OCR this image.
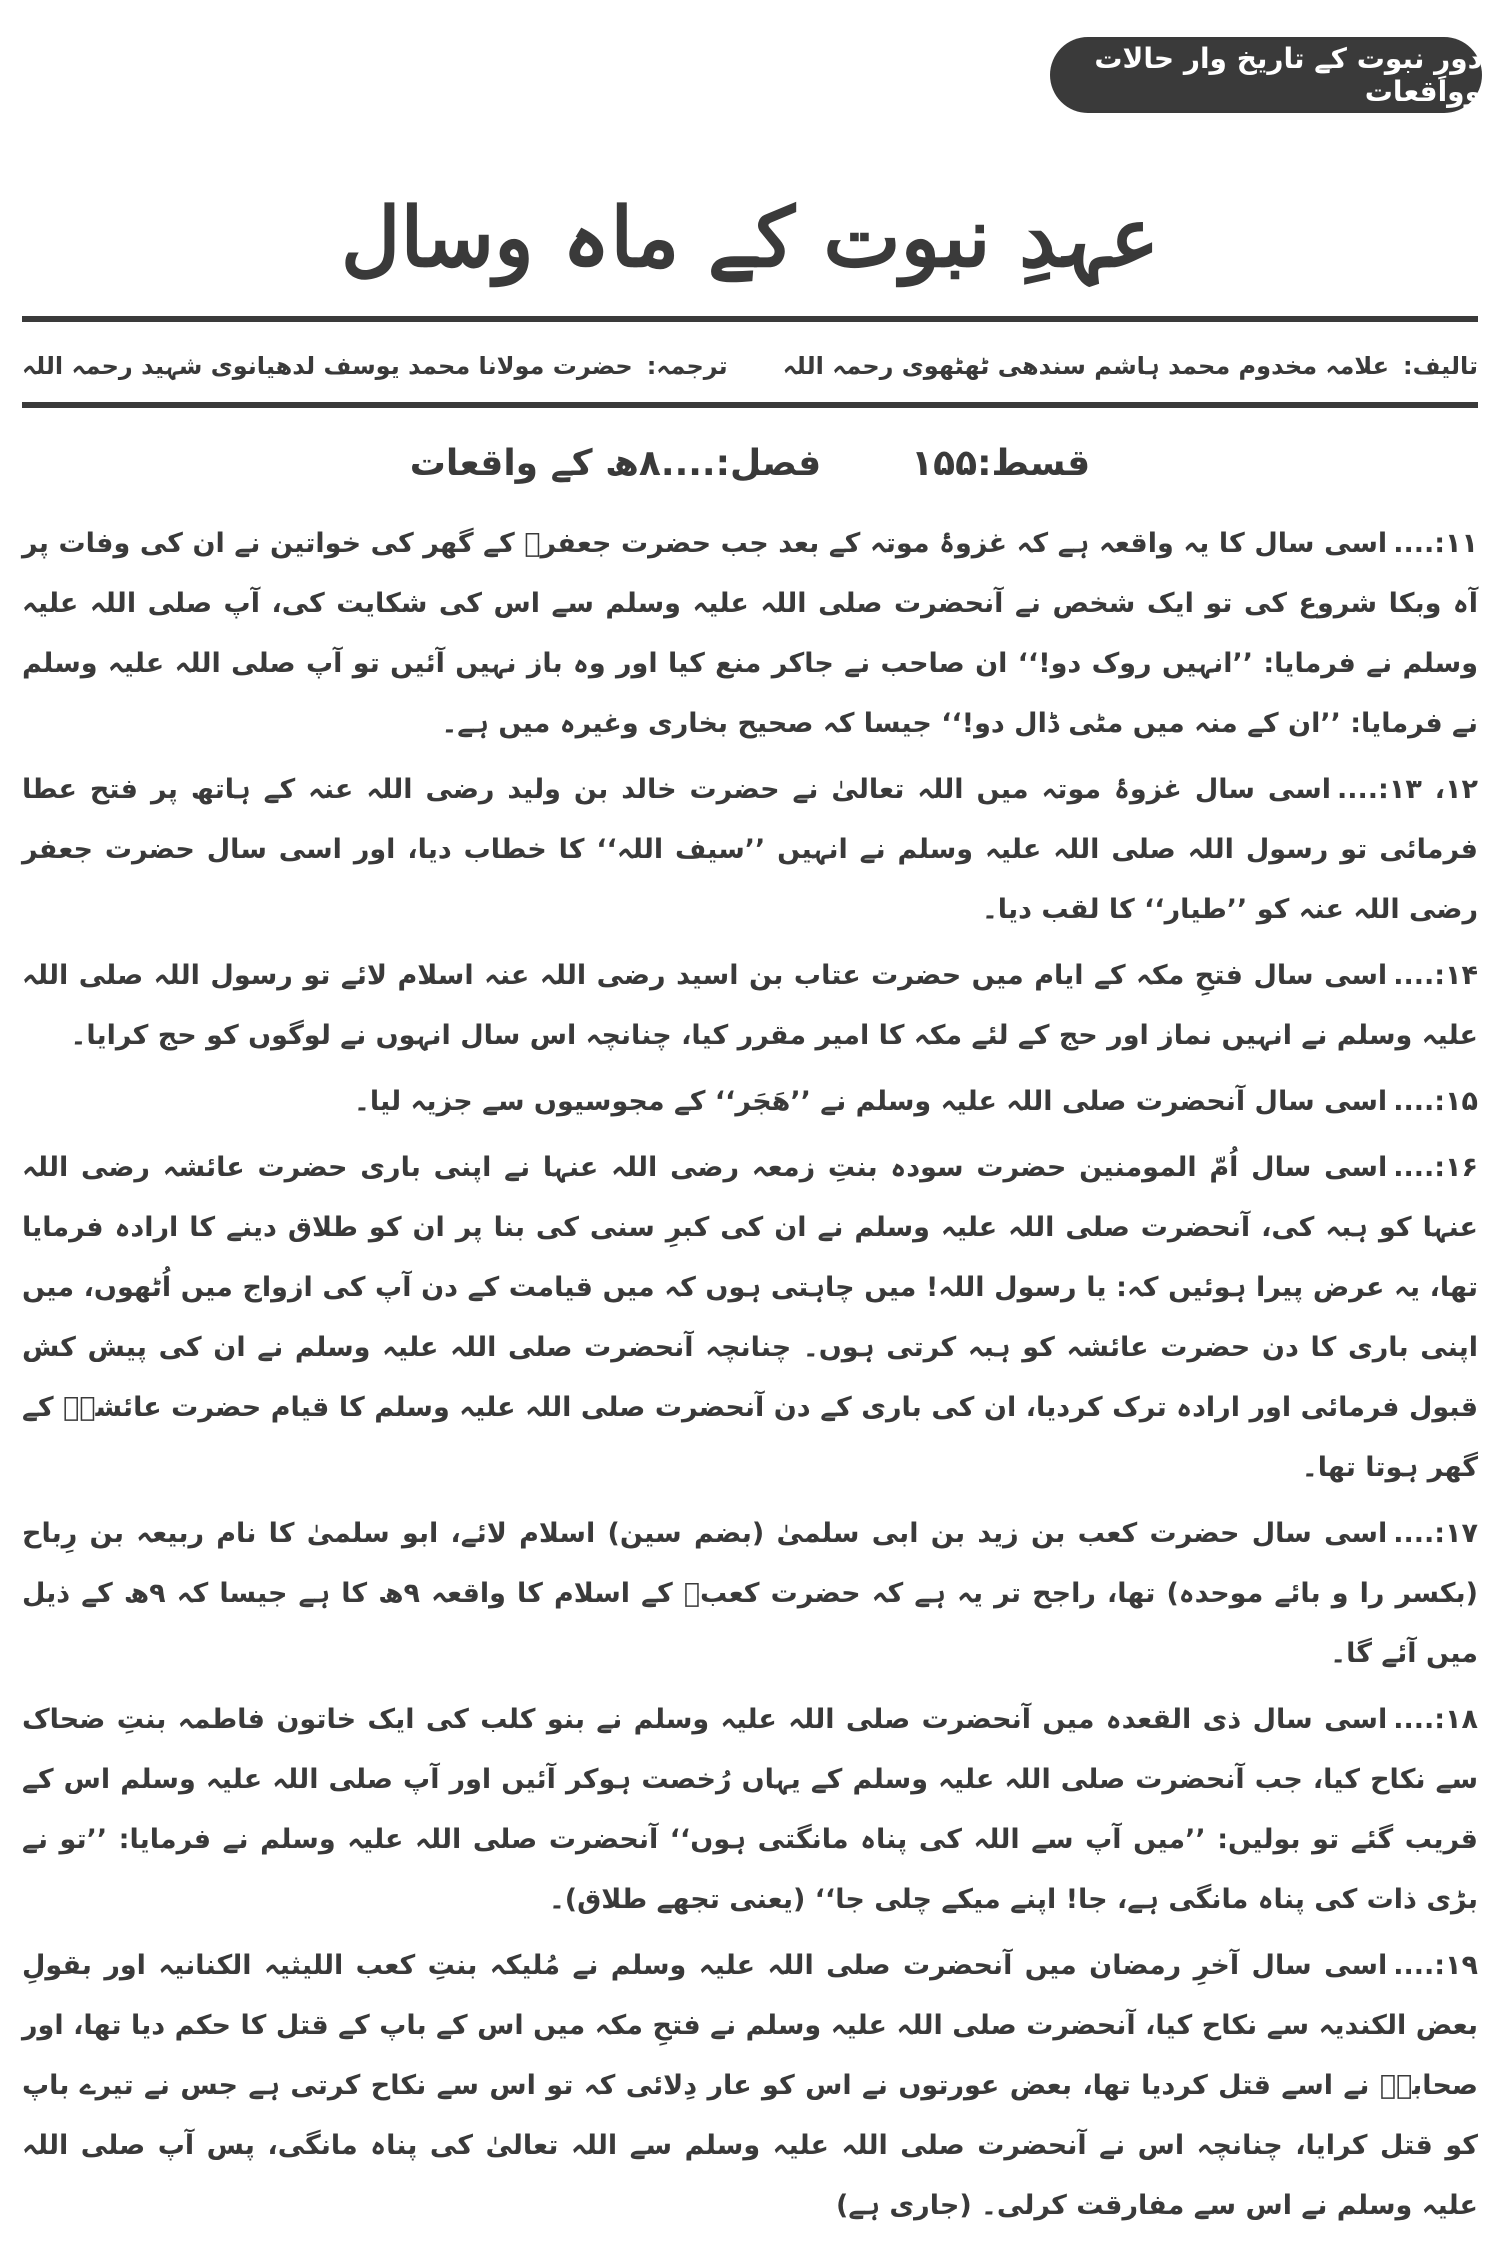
دورِ نبوت کے تاریخ وار حالات وواقعات
عہدِ نبوت کے ماہ وسال
تالیف:
علامہ مخدوم محمد ہاشم سندھی ٹھٹھوی رحمہ اللہ
ترجمہ:
حضرت مولانا محمد یوسف لدھیانوی شہید رحمہ اللہ
قسط:۱۵۵
فصل:....۸ھ کے واقعات

۱۱:....اسی سال کا یہ واقعہ ہے کہ غزوۂ موتہ کے بعد جب حضرت جعفرؓ کے گھر کی خواتین نے ان کی وفات پر آہ وبکا شروع کی تو ایک شخص نے آنحضرت صلی اللہ علیہ وسلم سے اس کی شکایت کی، آپ صلی اللہ علیہ وسلم نے فرمایا: ’’انہیں روک دو!‘‘ ان صاحب نے جاکر منع کیا اور وہ باز نہیں آئیں تو آپ صلی اللہ علیہ وسلم نے فرمایا: ’’ان کے منہ میں مٹی ڈال دو!‘‘ جیسا کہ صحیح بخاری وغیرہ میں ہے۔

۱۲، ۱۳:....اسی سال غزوۂ موتہ میں اللہ تعالیٰ نے حضرت خالد بن ولید رضی اللہ عنہ کے ہاتھ پر فتح عطا فرمائی تو رسول اللہ صلی اللہ علیہ وسلم نے انہیں ’’سیف اللہ‘‘ کا خطاب دیا، اور اسی سال حضرت جعفر رضی اللہ عنہ کو ’’طیار‘‘ کا لقب دیا۔

۱۴:....اسی سال فتحِ مکہ کے ایام میں حضرت عتاب بن اسید رضی اللہ عنہ اسلام لائے تو رسول اللہ صلی اللہ علیہ وسلم نے انہیں نماز اور حج کے لئے مکہ کا امیر مقرر کیا، چنانچہ اس سال انہوں نے لوگوں کو حج کرایا۔

۱۵:....اسی سال آنحضرت صلی اللہ علیہ وسلم نے ’’ھَجَر‘‘ کے مجوسیوں سے جزیہ لیا۔

۱۶:....اسی سال اُمّ المومنین حضرت سودہ بنتِ زمعہ رضی اللہ عنہا نے اپنی باری حضرت عائشہ رضی اللہ عنہا کو ہبہ کی، آنحضرت صلی اللہ علیہ وسلم نے ان کی کبرِ سنی کی بنا پر ان کو طلاق دینے کا ارادہ فرمایا تھا، یہ عرض پیرا ہوئیں کہ: یا رسول اللہ! میں چاہتی ہوں کہ میں قیامت کے دن آپ کی ازواج میں اُٹھوں، میں اپنی باری کا دن حضرت عائشہ کو ہبہ کرتی ہوں۔ چنانچہ آنحضرت صلی اللہ علیہ وسلم نے ان کی پیش کش قبول فرمائی اور ارادہ ترک کردیا، ان کی باری کے دن آنحضرت صلی اللہ علیہ وسلم کا قیام حضرت عائشہؓ کے گھر ہوتا تھا۔

۱۷:....اسی سال حضرت کعب بن زید بن ابی سلمیٰ (بضم سین) اسلام لائے، ابو سلمیٰ کا نام ربیعہ بن رِباح (بکسر را و بائے موحدہ) تھا، راجح تر یہ ہے کہ حضرت کعبؓ کے اسلام کا واقعہ ۹ھ کا ہے جیسا کہ ۹ھ کے ذیل میں آئے گا۔

۱۸:....اسی سال ذی القعدہ میں آنحضرت صلی اللہ علیہ وسلم نے بنو کلب کی ایک خاتون فاطمہ بنتِ ضحاک سے نکاح کیا، جب آنحضرت صلی اللہ علیہ وسلم کے یہاں رُخصت ہوکر آئیں اور آپ صلی اللہ علیہ وسلم اس کے قریب گئے تو بولیں: ’’میں آپ سے اللہ کی پناہ مانگتی ہوں‘‘ آنحضرت صلی اللہ علیہ وسلم نے فرمایا: ’’تو نے بڑی ذات کی پناہ مانگی ہے، جا! اپنے میکے چلی جا‘‘ (یعنی تجھے طلاق)۔

۱۹:....اسی سال آخرِ رمضان میں آنحضرت صلی اللہ علیہ وسلم نے مُلیکہ بنتِ کعب اللیثیہ الکنانیہ اور بقولِ بعض الکندیہ سے نکاح کیا، آنحضرت صلی اللہ علیہ وسلم نے فتحِ مکہ میں اس کے باپ کے قتل کا حکم دیا تھا، اور صحابہؓ نے اسے قتل کردیا تھا، بعض عورتوں نے اس کو عار دِلائی کہ تو اس سے نکاح کرتی ہے جس نے تیرے باپ کو قتل کرایا، چنانچہ اس نے آنحضرت صلی اللہ علیہ وسلم سے اللہ تعالیٰ کی پناہ مانگی، پس آپ صلی اللہ علیہ وسلم نے اس سے مفارقت کرلی۔ (جاری ہے)
